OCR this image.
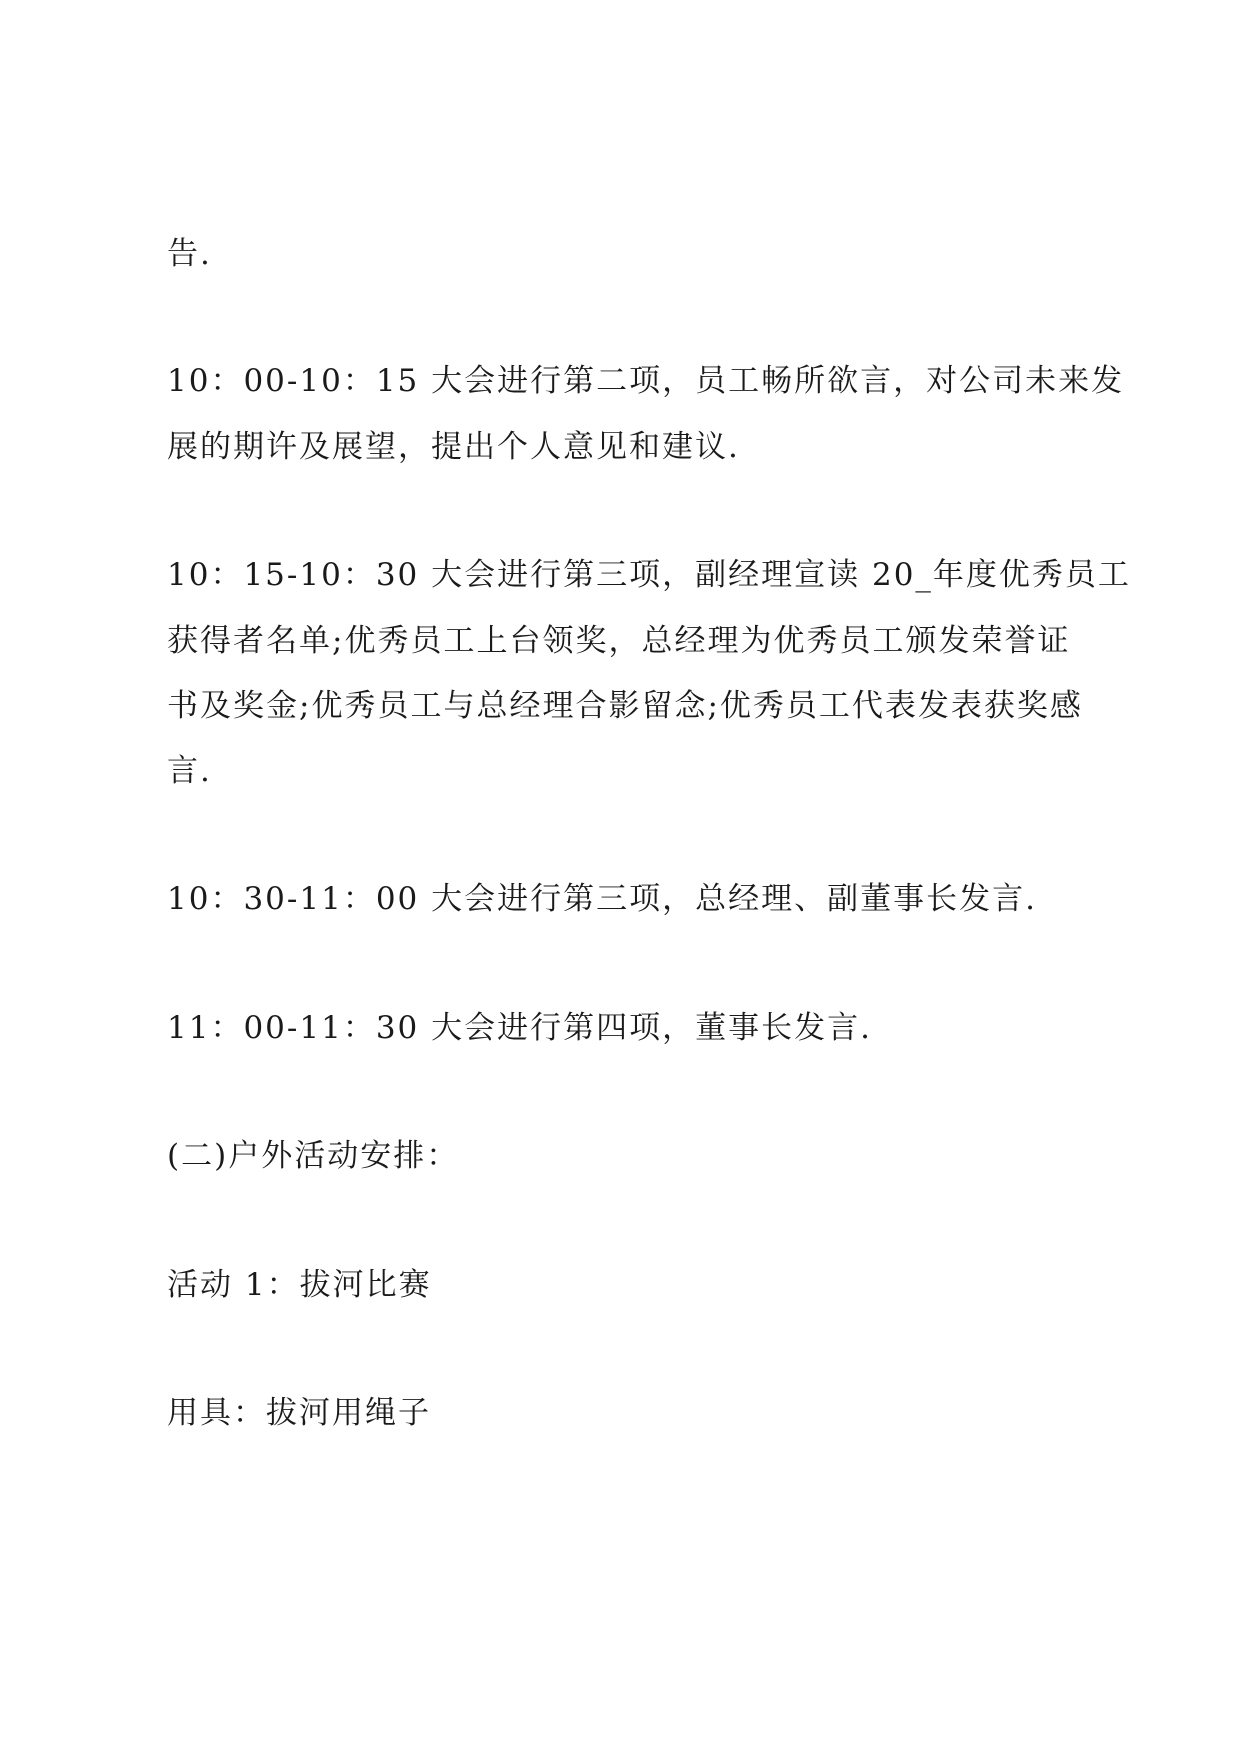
告.
10：00-10：15 大会进行第二项，员工畅所欲言，对公司未来发
展的期许及展望，提出个人意见和建议.
10：15-10：30 大会进行第三项，副经理宣读 20_年度优秀员工
获得者名单;优秀员工上台领奖，总经理为优秀员工颁发荣誉证
书及奖金;优秀员工与总经理合影留念;优秀员工代表发表获奖感
言.
10：30-11：00 大会进行第三项，总经理、副董事长发言.
11：00-11：30 大会进行第四项，董事长发言.
(二)户外活动安排：
活动 1：拔河比赛
用具：拔河用绳子
